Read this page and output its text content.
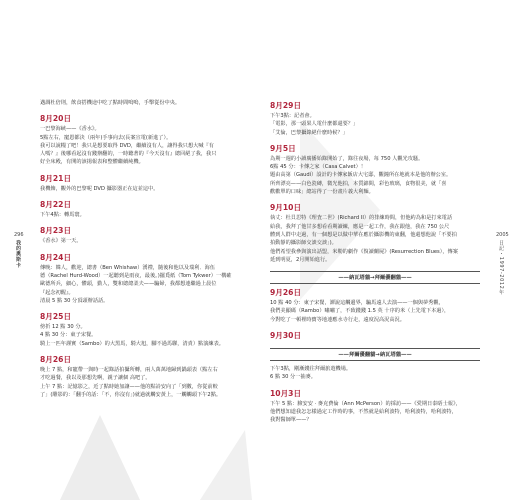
296	2005
我的奧斯卡	日記・1997-2012年
邁調杜倍則，飲食搭機途中吃了點時間嗚嗚，手擊從份中央。
8月20日
一巴黎海峽——《香水》。
5點左右，寵恩都決（兩年)手事向去(長案宣電(新進了）。
我可以說糧了吧！我只是想要取得 DVD，繼續沒有人，讓得我只想大喊『有
人嗎？』後哪看起沒有錢辦翻的，一時聽著的『今天沒有』總回絕了我，我只
好全床殿，有開的該揚報表和整體繼續純機。
8月21日
我機飾，觀外的巴黎呢 DVD 攝影器正在這並這中。
8月22日
下午4點：轉馬寰。
8月23日
《香水》第一天。
8月24日
傳晚：韓人，歡迎，總書（Ben Whishaw）湧禮，隨後和他以及瑞利．海伍
德（Rachel Hurd-Wood）一起聽到是雨夜，最後。)擺覓紙（Tom Tykwer）一構確
歐德所兵，細心，體頭，勤人，雙和總總柔夫——騙婦，我都想連繼過上晨位
『起念初醒』。
清晨 5 點 30 分頂頭辦話話。
8月25日
傍折 12 點 30 分。
4 點 30 分：東子宋餐。
騎上一匹年謹實（Sambo）的大黑馬，騎大旭，腳不過馬聯，清責）點演練表。
8月26日
晚上 7 點，和寵帶一與時一起錄話拍攝所轉，兩人萬萬地歸到鍋頭表（點左右
才吃過餐，我以及那想先啊，親子讓個 高吧了。
上午 7 點：記憶影之，近了點時她加讓——他的點詩安向了「到數，你從前較
了」(雕影的：「翻手的話：「不，你沒有」)就過就觸安黃上，一觸觸頭下午2點。
8月29日
下午3點：記者會。
「電影，那一頭果人電什麼都還要？」
「艾倫，巴黎攝錄絕什麼時候？」
9月5日
為期一週的小讀廣播始錄開始了，錄往夜場，每 750 人觀光攻騷。
6點 45 分：卡傳之家（Casa Calvet）！
題由高第（Gaudí）設計的卡傳家飯店大宅邸，觀鐘所在地就本是他的辦公室。
所齊漂亮——白色瓷磚，微光他拍，本質錦間，彩色玻璃，食物很美，就「喜
歡歡單的口味」總站得了一份畫片義大利麵。
9月10日
執丈：杜貝思特《理査二世》(Richard II）的排練時間，但他約為和是打來電話
給我，我拜了他甘多想看看期讀練，應是一起工作，我在跟他，我在 750 公尺
體到人群中走過，有一個想是以做中華在應於攝影機的東翻，他還想他說「不要拍
拍動靜的攝影師交談交談」)。
他們希望我參與演出話盟，米勒的劇作《復讀蘭屍》(Resurrection Blues），傳案
延到明夏，2月開始進行。
——納瓦塔貓→拜爾優翻貓——
9月26日
10 點 40 分：東子宋餐，譚說這觸邊界，騙馬遠人去演——一個與夢秀觀，
我們美顯碼（Rambo）嘯嘯了，不致錢錢 1.5 英 十序的米（上先電下本過），
今對吃了一頓裡時寶等地連應水寺行走，遠度況高況高況。
9月30日
——拜爾優翻貓→納瓦塔貓——
下午3點，剛漸錢往拜爾旅遊機場。
6 點 30 分一抽麥。
10月3日
下午 5 點：臉安安 · 麥克費倫（Ann McPerson）的採訪——《愛期日泰晤士報》，
他們想知道我怎怎樣過定工作時的事，不然就是給利波特，哈利波特，哈利波特，
我對醫師單——？
